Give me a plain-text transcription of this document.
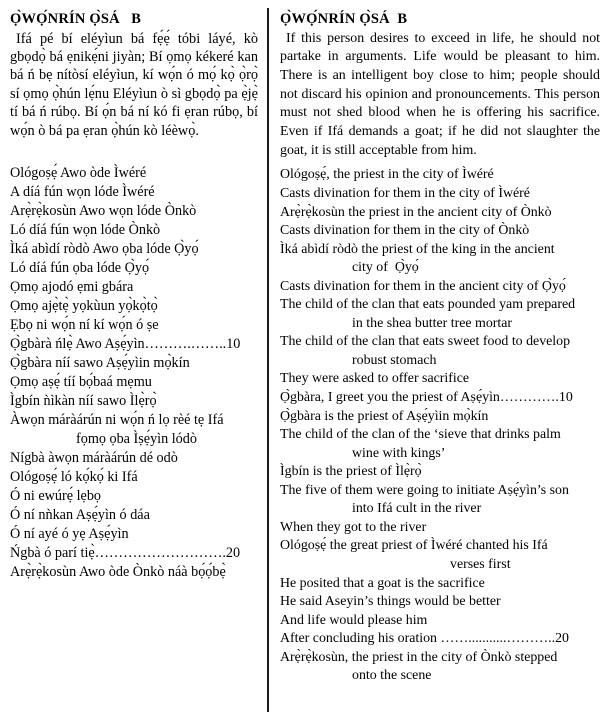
Ọ̀WỌ́NRÍN Ọ̀SÁ   B

Ifá pé bí eléyìun bá fẹ́ẹ́ tóbi láyé, kò gbọdọ̀ bá ẹnikẹ́ni jiyàn; Bí ọmọ kékeré kan bá ń bẹ nítòsí eléyìun, kí wọ́n ó mọ́ kọ̀ ọ̀rọ̀ sí ọmọ ọ̀hún lẹ́nu Eléyìun ò sì gbọdọ̀ pa ẹ̀jẹ̀ tí bá ń rúbọ. Bí ọ́n bá ní kó fi ẹran rúbọ, bí wọ́n ò bá pa ẹran ọ̀hún kò léèwọ̀.

Ológoṣẹ́ Awo òde Ìwéré
A díá fún wọn lóde Ìwéré
Arẹ̀rẹ̀kosùn Awo wọn lóde Ònkò
Ló díá fún wọn lóde Ònkò
Ìká abìdí ròdò Awo ọba lóde Ọ̀yọ́
Ló díá fún ọba lóde Ọ̀yọ́
Ọmọ ajodó ẹmi gbára
Ọmọ ajẹ̀tẹ̀ yọkùun yọ̀kọ̀tọ̀
Ẹbọ ni wọ́n ní kí wọ́n ó ṣe
Ọ̀gbàrà ńlẹ̀ Awo Aṣẹ́yìn……….……..10
Ọ̀gbàra níí sawo Aṣẹ́yìin mọ̀kín
Ọmọ aṣẹ́ tíí bọ́baá mẹmu
Ìgbín ǹìkàn níí sawo Ìlẹ̀rọ̀
Àwọn máràárún ni wọ́n ń lọ rèé tẹ Ifá
fọmọ ọba Ìṣẹ́yìn lódò
Nígbà àwọn máràárún dé odò
Ológoṣẹ́ ló kọ́kọ́ ki Ifá
Ó ni ewúrẹ́ lẹbọ
Ó ní nǹkan Aṣẹ́yìn ó dáa
Ó ní ayé ó yẹ Aṣẹ́yìn
Ńgbà ó parí tiẹ̀……………………….20
Arẹ̀rẹ̀kosùn Awo òde Ònkò náà bọ́ọ́bẹ̀
Ọ̀WỌ́NRÍN Ọ̀SÁ  B

If this person desires to exceed in life, he should not partake in arguments. Life would be pleasant to him. There is an intelligent boy close to him; people should not discard his opinion and pronouncements. This person must not shed blood when he is offering his sacrifice. Even if Ifá demands a goat; if he did not slaughter the goat, it is still acceptable from him.

Ológoṣẹ́, the priest in the city of Ìwéré
Casts divination for them in the city of Ìwéré
Arẹ̀rẹ̀kosùn the priest in the ancient city of Ònkò
Casts divination for them in the city of Ònkò
Ìká abìdí ròdò the priest of the king in the ancient
city of  Ọ̀yọ́
Casts divination for them in the ancient city of Ọ̀yọ́
The child of the clan that eats pounded yam prepared
in the shea butter tree mortar
The child of the clan that eats sweet food to develop
robust stomach
They were asked to offer sacrifice
Ọ̀gbàra, I greet you the priest of Aṣẹ́yìn………….10
Ọ̀gbàra is the priest of Aṣẹ́yìin mọ̀kín
The child of the clan of the ‘sieve that drinks palm
wine with kings’
Ìgbín is the priest of Ìlẹ̀rọ̀
The five of them were going to initiate Aṣẹ́yìn’s son
into Ifá cult in the river
When they got to the river
Ológoṣẹ́ the great priest of Ìwéré chanted his Ifá
verses first
He posited that a goat is the sacrifice
He said Aseyin’s things would be better
And life would please him
After concluding his oration ……...........………..20
Arẹ̀rẹ̀kosùn, the priest in the city of Ònkò stepped
onto the scene
